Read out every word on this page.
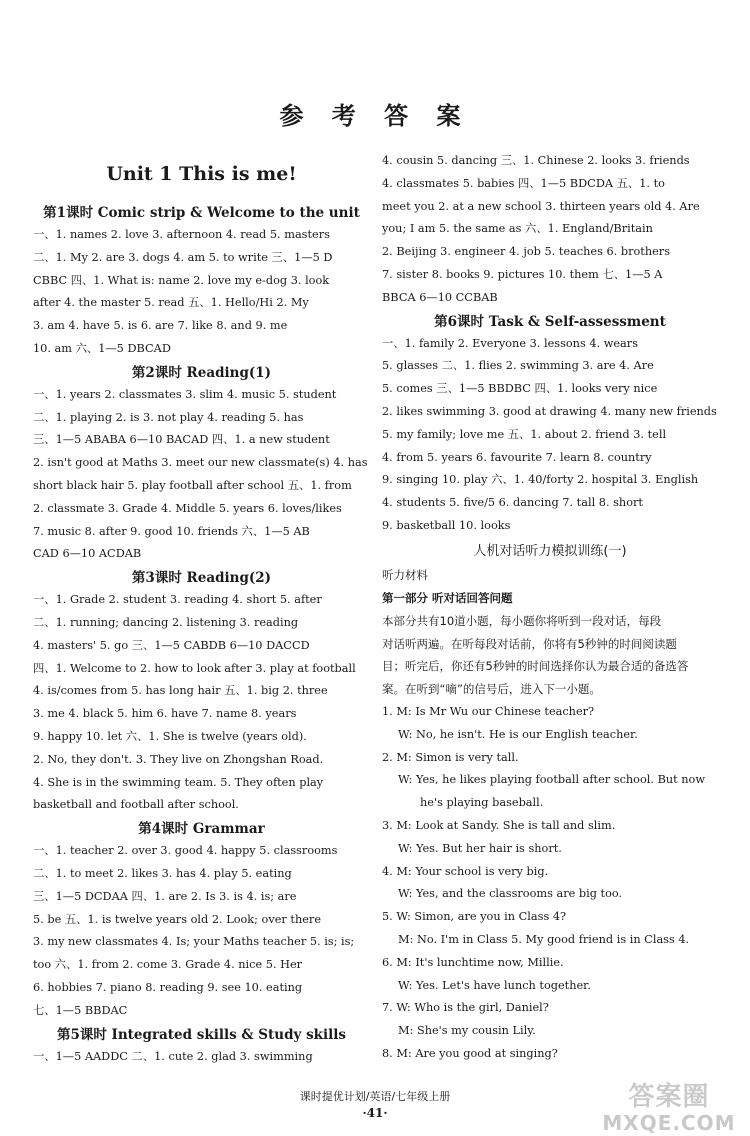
参 考 答 案
Unit 1 This is me!
第1课时 Comic strip & Welcome to the unit
一、1. names 2. love 3. afternoon 4. read 5. masters
二、1. My 2. are 3. dogs 4. am 5. to write 三、1—5 D
CBBC 四、1. What is: name 2. love my e-dog 3. look
after 4. the master 5. read 五、1. Hello/Hi 2. My
3. am 4. have 5. is 6. are 7. like 8. and 9. me
10. am 六、1—5 DBCAD
第2课时 Reading(1)
一、1. years 2. classmates 3. slim 4. music 5. student
二、1. playing 2. is 3. not play 4. reading 5. has
三、1—5 ABABA 6—10 BACAD 四、1. a new student
2. isn't good at Maths 3. meet our new classmate(s) 4. has
short black hair 5. play football after school 五、1. from
2. classmate 3. Grade 4. Middle 5. years 6. loves/likes
7. music 8. after 9. good 10. friends 六、1—5 AB
CAD 6—10 ACDAB
第3课时 Reading(2)
一、1. Grade 2. student 3. reading 4. short 5. after
二、1. running; dancing 2. listening 3. reading
4. masters' 5. go 三、1—5 CABDB 6—10 DACCD
四、1. Welcome to 2. how to look after 3. play at football
4. is/comes from 5. has long hair 五、1. big 2. three
3. me 4. black 5. him 6. have 7. name 8. years
9. happy 10. let 六、1. She is twelve (years old).
2. No, they don't. 3. They live on Zhongshan Road.
4. She is in the swimming team. 5. They often play
basketball and football after school.
第4课时 Grammar
一、1. teacher 2. over 3. good 4. happy 5. classrooms
二、1. to meet 2. likes 3. has 4. play 5. eating
三、1—5 DCDAA 四、1. are 2. Is 3. is 4. is; are
5. be 五、1. is twelve years old 2. Look; over there
3. my new classmates 4. Is; your Maths teacher 5. is; is;
too 六、1. from 2. come 3. Grade 4. nice 5. Her
6. hobbies 7. piano 8. reading 9. see 10. eating
七、1—5 BBDAC
第5课时 Integrated skills & Study skills
一、1—5 AADDC 二、1. cute 2. glad 3. swimming
4. cousin 5. dancing 三、1. Chinese 2. looks 3. friends
4. classmates 5. babies 四、1—5 BDCDA 五、1. to
meet you 2. at a new school 3. thirteen years old 4. Are
you; I am 5. the same as 六、1. England/Britain
2. Beijing 3. engineer 4. job 5. teaches 6. brothers
7. sister 8. books 9. pictures 10. them 七、1—5 A
BBCA 6—10 CCBAB
第6课时 Task & Self-assessment
一、1. family 2. Everyone 3. lessons 4. wears
5. glasses 二、1. flies 2. swimming 3. are 4. Are
5. comes 三、1—5 BBDBC 四、1. looks very nice
2. likes swimming 3. good at drawing 4. many new friends
5. my family; love me 五、1. about 2. friend 3. tell
4. from 5. years 6. favourite 7. learn 8. country
9. singing 10. play 六、1. 40/forty 2. hospital 3. English
4. students 5. five/5 6. dancing 7. tall 8. short
9. basketball 10. looks
人机对话听力模拟训练(一)
听力材料
第一部分 听对话回答问题
本部分共有10道小题，每小题你将听到一段对话，每段
对话听两遍。在听每段对话前，你将有5秒钟的时间阅读题
目；听完后，你还有5秒钟的时间选择你认为最合适的备选答
案。在听到“嘀”的信号后，进入下一小题。
1. M: Is Mr Wu our Chinese teacher?
W: No, he isn't. He is our English teacher.
2. M: Simon is very tall.
W: Yes, he likes playing football after school. But now
he's playing baseball.
3. M: Look at Sandy. She is tall and slim.
W: Yes. But her hair is short.
4. M: Your school is very big.
W: Yes, and the classrooms are big too.
5. W: Simon, are you in Class 4?
M: No. I'm in Class 5. My good friend is in Class 4.
6. M: It's lunchtime now, Millie.
W: Yes. Let's have lunch together.
7. W: Who is the girl, Daniel?
M: She's my cousin Lily.
8. M: Are you good at singing?
课时提优计划/英语/七年级上册
·41·
答案圈
MXQE.COM
